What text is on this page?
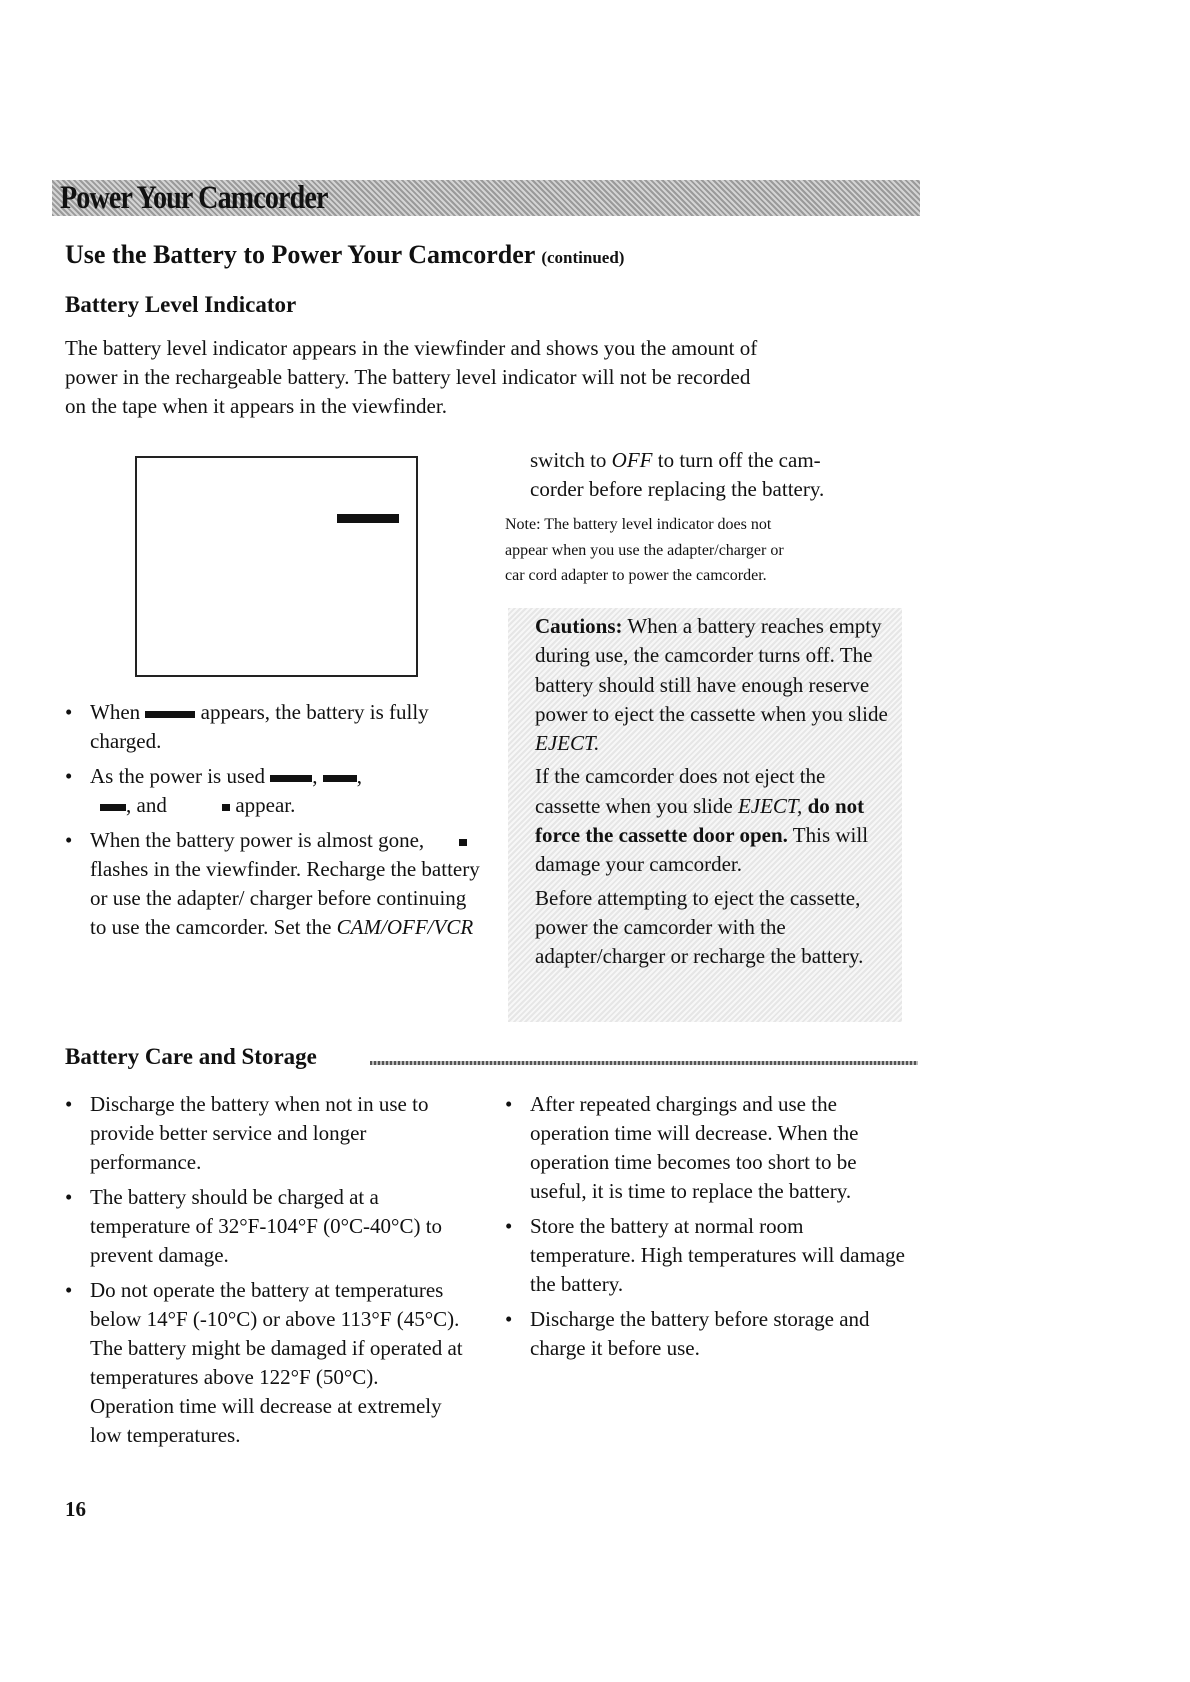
Power Your Camcorder
Use the Battery to Power Your Camcorder (continued)
Battery Level Indicator
The battery level indicator appears in the viewfinder and shows you the amount of
power in the rechargeable battery. The battery level indicator will not be recorded
on the tape when it appears in the viewfinder.
• When	appears, the battery is fully charged.
• As the power is used , ,
, and	appear.
• When the battery power is almost gone,  flashes in the viewfinder. Recharge the battery or use the adapter/ charger before continuing to use the camcorder. Set the CAM/OFF/VCR
switch to OFF to turn off the cam-
corder before replacing the battery.
Note: The battery level indicator does not
appear when you use the adapter/charger or
car cord adapter to power the camcorder.

Cautions: When a battery reaches empty during use, the camcorder turns off. The battery should still have enough reserve power to eject the cassette when you slide EJECT.

If the camcorder does not eject the cassette when you slide EJECT, do not force the cassette door open. This will damage your camcorder.

Before attempting to eject the cassette, power the camcorder with the adapter/charger or recharge the battery.

Battery Care and Storage
• Discharge the battery when not in use to provide better service and longer performance.
• The battery should be charged at a temperature of 32°F-104°F (0°C-40°C) to prevent damage.
• Do not operate the battery at temperatures below 14°F (-10°C) or above 113°F (45°C). The battery might be damaged if operated at temperatures above 122°F (50°C). Operation time will decrease at extremely low temperatures.
• After repeated chargings and use the operation time will decrease. When the operation time becomes too short to be useful, it is time to replace the battery.
• Store the battery at normal room temperature. High temperatures will damage the battery.
• Discharge the battery before storage and charge it before use.
16
